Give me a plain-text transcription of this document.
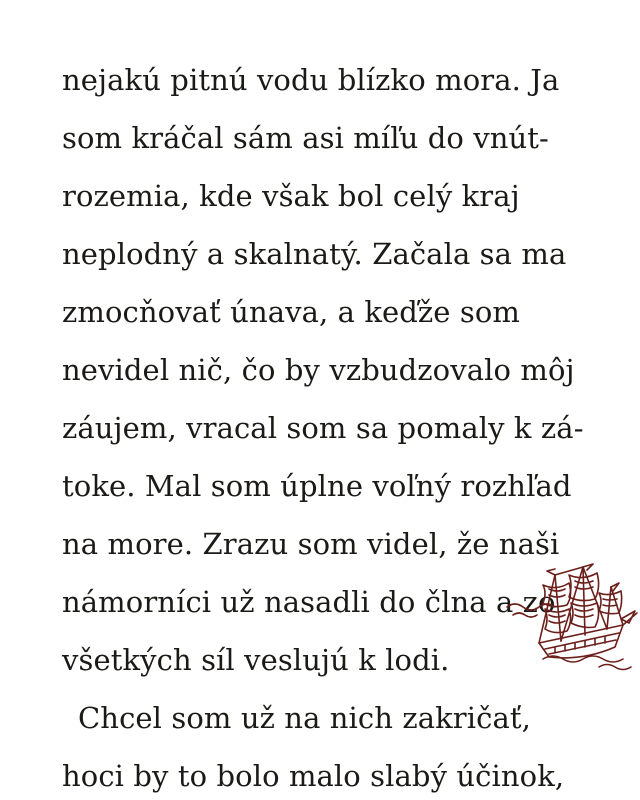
nejakú pitnú vodu blízko mora. Ja
som kráčal sám asi míľu do vnút-
rozemia, kde však bol celý kraj
neplodný a skalnatý. Začala sa ma
zmocňovať únava, a keďže som
nevidel nič, čo by vzbudzovalo môj
záujem, vracal som sa pomaly k zá-
toke. Mal som úplne voľný rozhľad
na more. Zrazu som videl, že naši
námorníci už nasadli do člna a zo
všetkých síl veslujú k lodi.
Chcel som už na nich zakričať,
hoci by to bolo malo slabý účinok,
